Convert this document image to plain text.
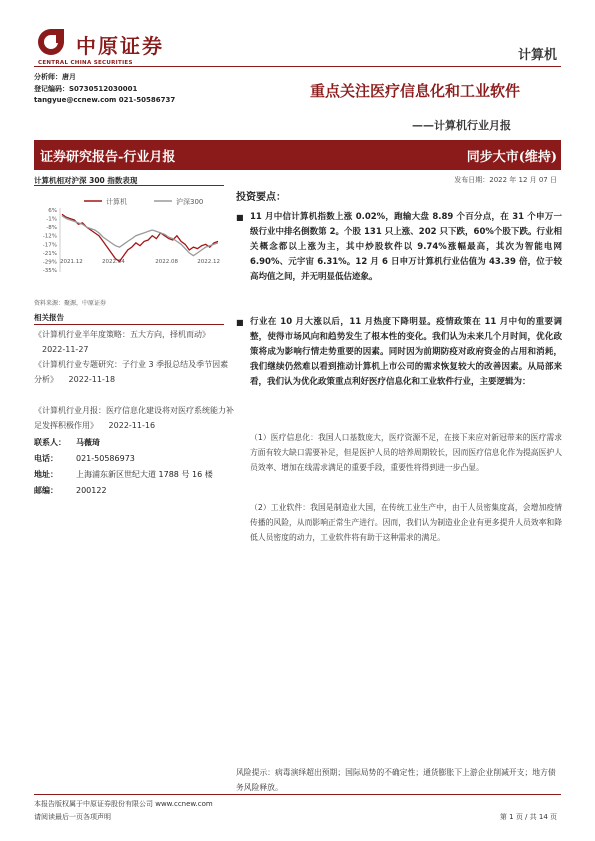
中原证券
CENTRAL CHINA SECURITIES	计算机
分析师：唐月
登记编码：S0730512030001
tangyue@ccnew.com 021-50586737	重点关注医疗信息化和工业软件
——计算机行业月报
证券研究报告-行业月报	同步大市(维持)
计算机相对沪深 300 指数表现	发布日期：2022 年 12 月 07 日
计算机	沪深300
6%
-1%
-8%
-12%
-17%
-21%
-29%
-35%
2021.12	2022.04	2022.08	2022.12
资料来源：聚源，中原证券
相关报告
《计算机行业半年度策略：五大方向，择机而动》 2022-11-27
《计算机行业专题研究：子行业 3 季报总结及季节因素分析》 2022-11-18
《计算机行业月报：医疗信息化建设将对医疗系统能力补足发挥积极作用》 2022-11-16
联系人： 马薇琦
电话： 021-50586973
地址： 上海浦东新区世纪大道 1788 号 16 楼
邮编： 200122
投资要点：
■ 11 月中信计算机指数上涨 0.02%，跑输大盘 8.89 个百分点，在 31 个申万一级行业中排名倒数第 2。个股 131 只上涨、202 只下跌，60%个股下跌。行业相关概念都以上涨为主，其中炒股软件以 9.74%涨幅最高，其次为智能电网 6.90%、元宇宙 6.31%。12 月 6 日申万计算机行业估值为 43.39 倍，位于较高均值之间，并无明显低估迹象。
■ 行业在 10 月大涨以后，11 月热度下降明显。疫情政策在 11 月中旬的重要调整，使得市场风向和趋势发生了根本性的变化。我们认为未来几个月时间，优化政策将成为影响行情走势重要的因素。同时因为前期防疫对政府资金的占用和消耗，我们继续仍然难以看到推动计算机上市公司的需求恢复较大的改善因素。从局部来看，我们认为优化政策重点利好医疗信息化和工业软件行业，主要逻辑为：
（1）医疗信息化：我国人口基数庞大，医疗资源不足，在接下来应对新冠带来的医疗需求方面有较大缺口需要补足，但是医护人员的培养周期较长，因而医疗信息化作为提高医护人员效率、增加在线需求满足的重要手段，重要性将得到进一步凸显。
（2）工业软件：我国是制造业大国，在传统工业生产中，由于人员密集度高，会增加疫情传播的风险，从而影响正常生产进行。因而，我们认为制造业企业有更多提升人员效率和降低人员密度的动力，工业软件将有助于这种需求的满足。
风险提示：病毒演绎超出预期；国际局势的不确定性；通货膨胀下上游企业削减开支；地方债务风险释放。
本报告版权属于中原证券股份有限公司 www.ccnew.com
请阅读最后一页各项声明	第 1 页 / 共 14 页
